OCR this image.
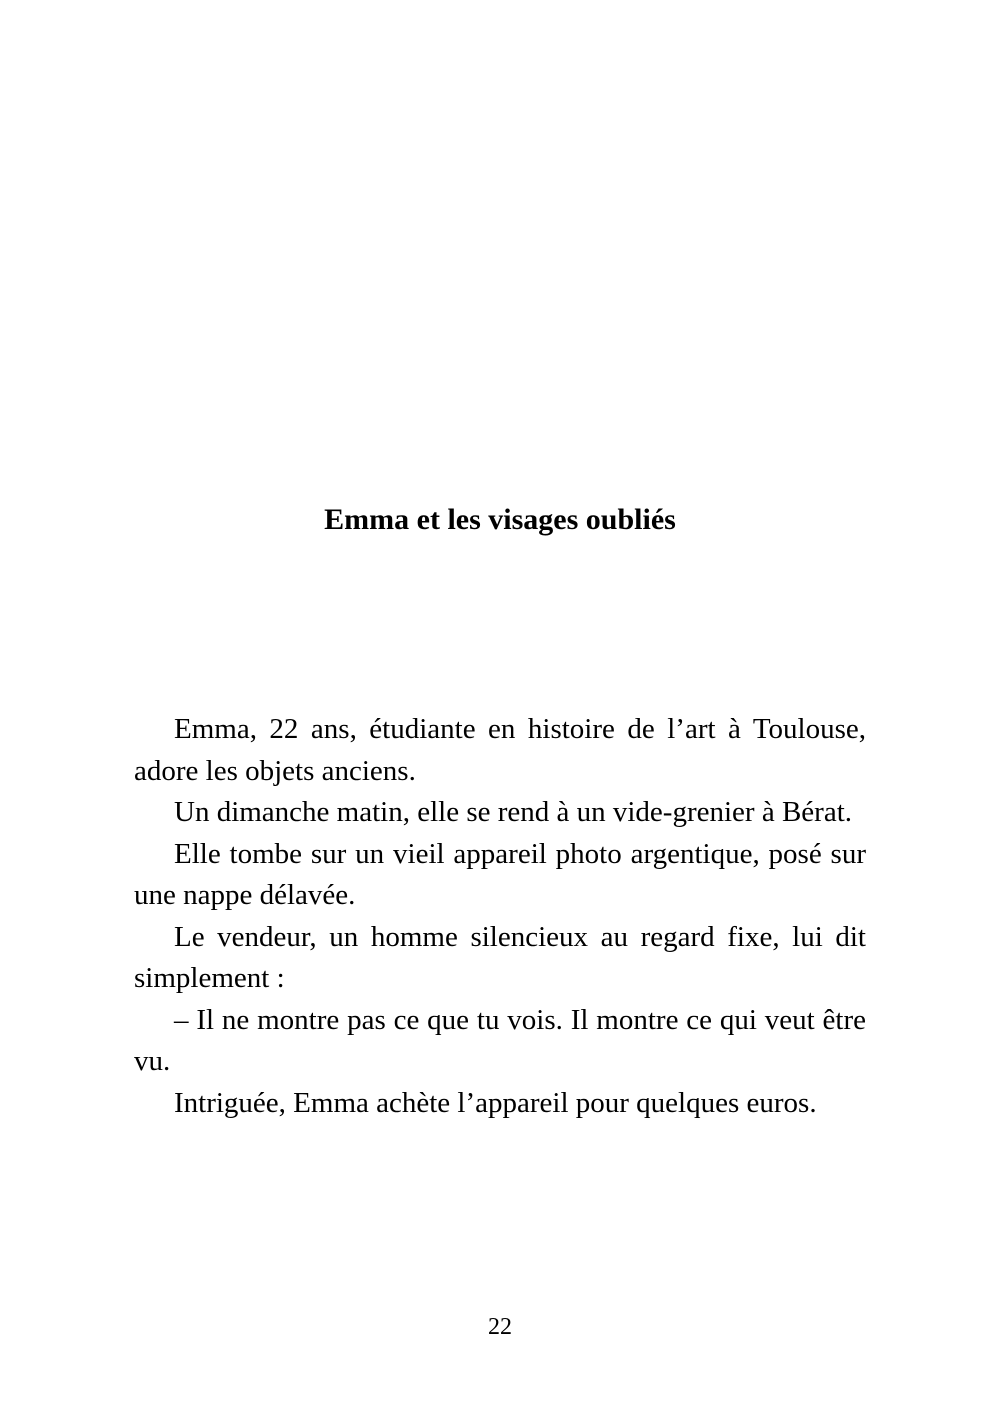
Emma et les visages oubliés

Emma, 22 ans, étudiante en histoire de l’art à Toulouse, adore les objets anciens.

Un dimanche matin, elle se rend à un vide-grenier à Bérat.

Elle tombe sur un vieil appareil photo argentique, posé sur une nappe délavée.

Le vendeur, un homme silencieux au regard fixe, lui dit simplement :

– Il ne montre pas ce que tu vois. Il montre ce qui veut être vu.

Intriguée, Emma achète l’appareil pour quelques euros.

22
